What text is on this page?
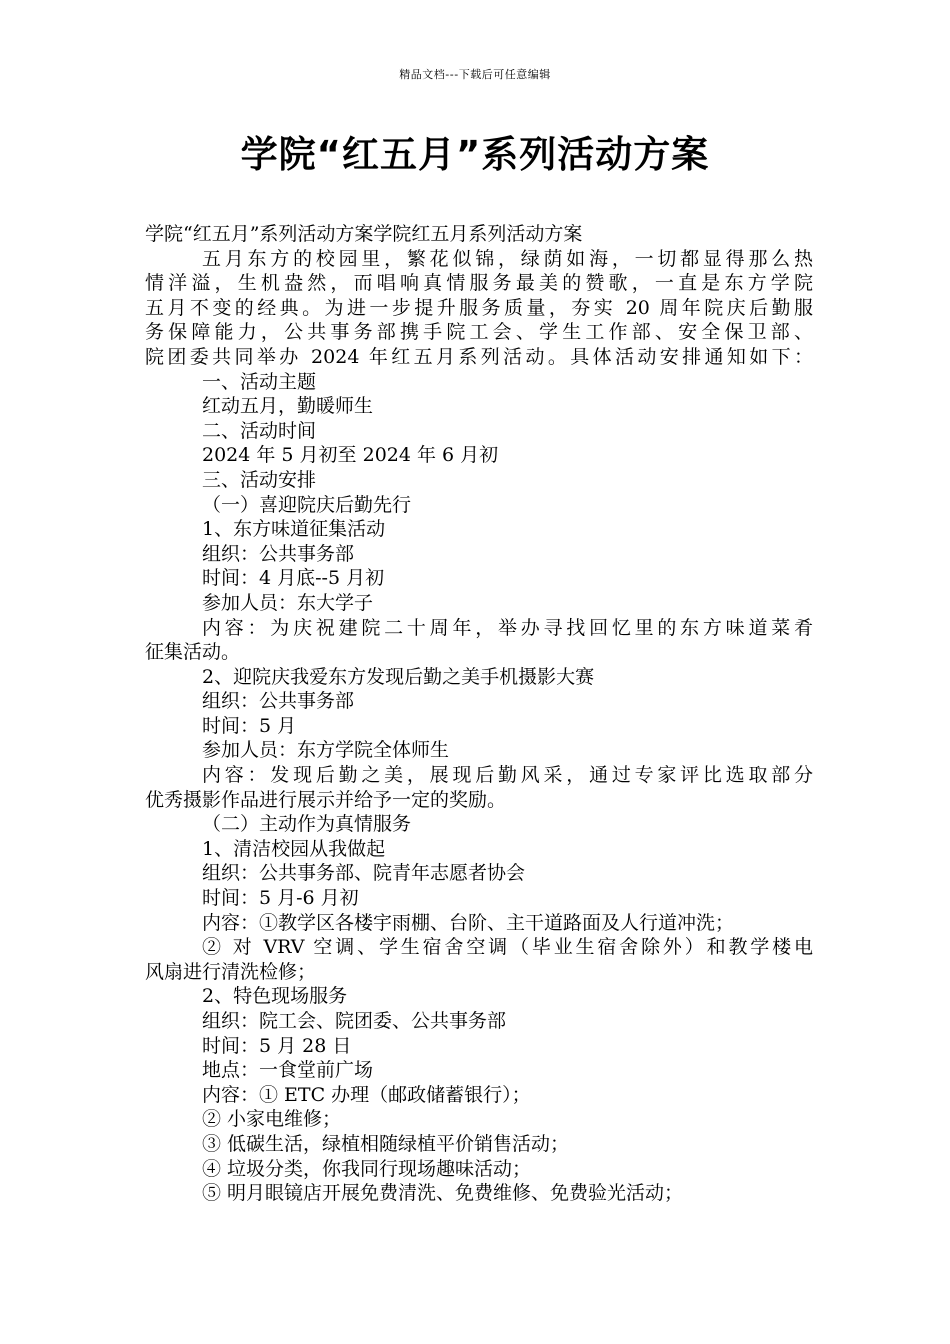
精品文档---下载后可任意编辑
学院“红五月”系列活动方案
学院“红五月”系列活动方案学院红五月系列活动方案
五月东方的校园里，繁花似锦，绿荫如海，一切都显得那么热
情洋溢，生机盎然，而唱响真情服务最美的赞歌，一直是东方学院
五月不变的经典。为进一步提升服务质量，夯实 20 周年院庆后勤服
务保障能力，公共事务部携手院工会、学生工作部、安全保卫部、
院团委共同举办 2024 年红五月系列活动。具体活动安排通知如下：
一、活动主题
红动五月，勤暖师生
二、活动时间
2024 年 5 月初至 2024 年 6 月初
三、活动安排
（一）喜迎院庆后勤先行
1、东方味道征集活动
组织：公共事务部
时间：4 月底--5 月初
参加人员：东大学子
内容：为庆祝建院二十周年，举办寻找回忆里的东方味道菜肴
征集活动。
2、迎院庆我爱东方发现后勤之美手机摄影大赛
组织：公共事务部
时间：5 月
参加人员：东方学院全体师生
内容：发现后勤之美，展现后勤风采，通过专家评比选取部分
优秀摄影作品进行展示并给予一定的奖励。
（二）主动作为真情服务
1、清洁校园从我做起
组织：公共事务部、院青年志愿者协会
时间：5 月-6 月初
内容：①教学区各楼宇雨棚、台阶、主干道路面及人行道冲洗；
② 对 VRV 空调、学生宿舍空调（毕业生宿舍除外）和教学楼电
风扇进行清洗检修；
2、特色现场服务
组织：院工会、院团委、公共事务部
时间：5 月 28 日
地点：一食堂前广场
内容：① ETC 办理（邮政储蓄银行）；
② 小家电维修；
③ 低碳生活，绿植相随绿植平价销售活动；
④ 垃圾分类，你我同行现场趣味活动；
⑤ 明月眼镜店开展免费清洗、免费维修、免费验光活动；
